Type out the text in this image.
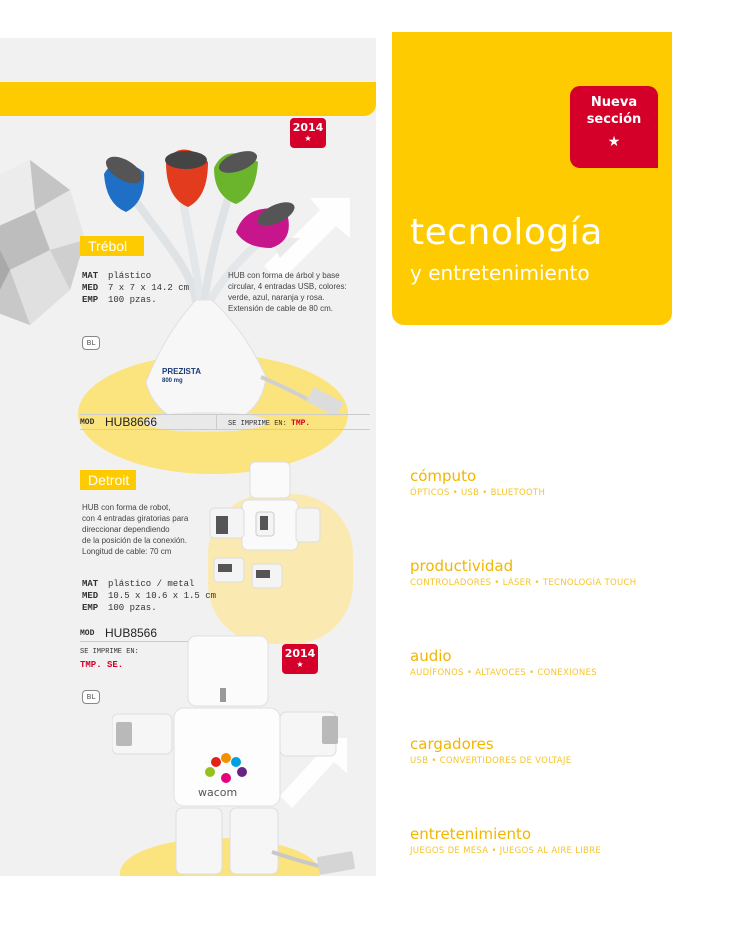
PREZISTA
800 mg
2014
★
Trébol
MAT plástico
MED 7 x 7 x 14.2 cm
EMP 100 pzas.
HUB con forma de árbol y base
circular, 4 entradas USB, colores:
verde, azul, naranja y rosa.
Extensión de cable de 80 cm.
BL
MOD HUB8666	SE IMPRIME EN: TMP.
Detroit
HUB con forma de robot,
con 4 entradas giratorias para
direccionar dependiendo
de la posición de la conexión.
Longitud de cable: 70 cm
MAT plástico / metal
MED 10.5 x 10.6 x 1.5 cm
EMP 100 pzas.
MOD HUB8566
SE IMPRIME EN:
TMP. SE.
BL
2014
★
wacom
Nueva
sección
★
tecnología
y entretenimiento
cómputo
ÓPTICOS • USB • BLUETOOTH
productividad
CONTROLADORES • LÁSER • TECNOLOGÍA TOUCH
audio
AUDÍFONOS • ALTAVOCES • CONEXIONES
cargadores
USB • CONVERTIDORES DE VOLTAJE
entretenimiento
JUEGOS DE MESA • JUEGOS AL AIRE LIBRE
